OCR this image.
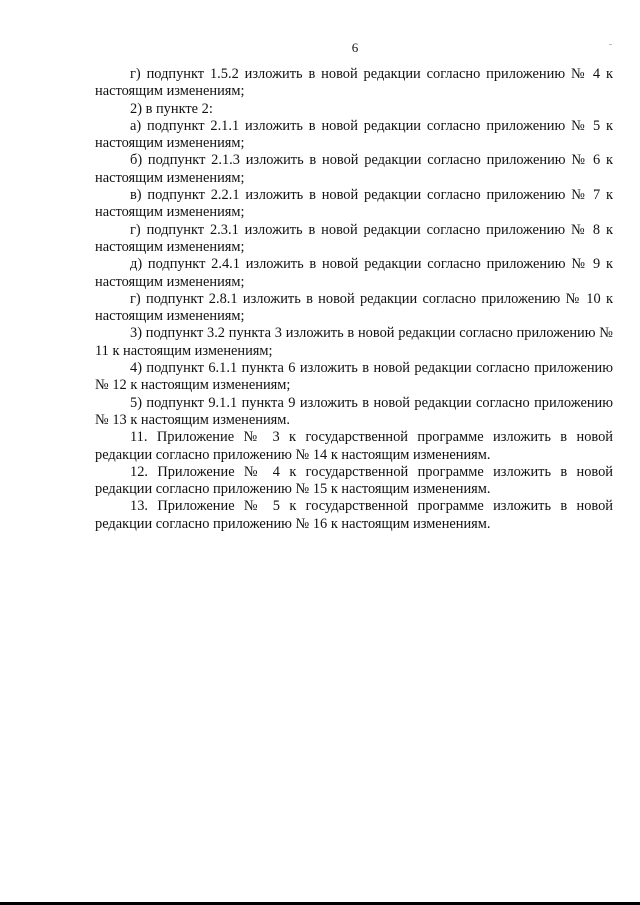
6

г) подпункт 1.5.2 изложить в новой редакции согласно приложению № 4 к настоящим изменениям;

2) в пункте 2:

а) подпункт 2.1.1 изложить в новой редакции согласно приложению № 5 к настоящим изменениям;

б) подпункт 2.1.3 изложить в новой редакции согласно приложению № 6 к настоящим изменениям;

в) подпункт 2.2.1 изложить в новой редакции согласно приложению № 7 к настоящим изменениям;

г) подпункт 2.3.1 изложить в новой редакции согласно приложению № 8 к настоящим изменениям;

д) подпункт 2.4.1 изложить в новой редакции согласно приложению № 9 к настоящим изменениям;

г) подпункт 2.8.1 изложить в новой редакции согласно приложению № 10 к настоящим изменениям;

3) подпункт 3.2 пункта 3 изложить в новой редакции согласно приложению № 11 к настоящим изменениям;

4) подпункт 6.1.1 пункта 6 изложить в новой редакции согласно приложению № 12 к настоящим изменениям;

5) подпункт 9.1.1 пункта 9 изложить в новой редакции согласно приложению № 13 к настоящим изменениям.

11. Приложение № 3 к государственной программе изложить в новой редакции согласно приложению № 14 к настоящим изменениям.

12. Приложение № 4 к государственной программе изложить в новой редакции согласно приложению № 15 к настоящим изменениям.

13. Приложение № 5 к государственной программе изложить в новой редакции согласно приложению № 16 к настоящим изменениям.
